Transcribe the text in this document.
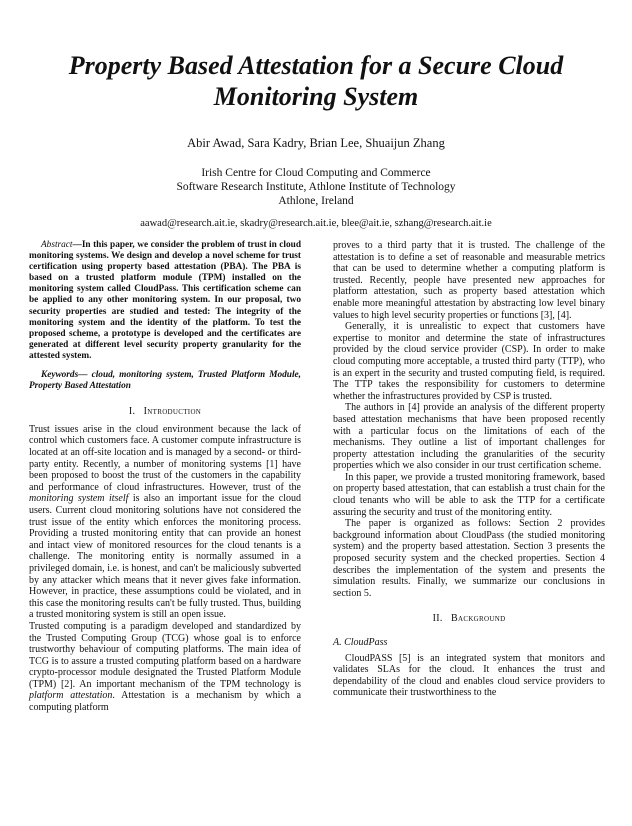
Property Based Attestation for a Secure Cloud
Monitoring System
Abir Awad, Sara Kadry, Brian Lee, Shuaijun Zhang
Irish Centre for Cloud Computing and Commerce
Software Research Institute, Athlone Institute of Technology
Athlone, Ireland
aawad@research.ait.ie, skadry@research.ait.ie, blee@ait.ie, szhang@research.ait.ie

Abstract—In this paper, we consider the problem of trust in cloud monitoring systems. We design and develop a novel scheme for trust certification using property based attestation (PBA). The PBA is based on a trusted platform module (TPM) installed on the monitoring system called CloudPass. This certification scheme can be applied to any other monitoring system. In our proposal, two security properties are studied and tested: The integrity of the monitoring system and the identity of the platform. To test the proposed scheme, a prototype is developed and the certificates are generated at different level security property granularity for the attested system.

Keywords— cloud, monitoring system, Trusted Platform Module, Property Based Attestation

I. Introduction

Trust issues arise in the cloud environment because the lack of control which customers face. A customer compute infrastructure is located at an off-site location and is managed by a second- or third-party entity. Recently, a number of monitoring systems [1] have been proposed to boost the trust of the customers in the capability and performance of cloud infrastructures. However, trust of the monitoring system itself is also an important issue for the cloud users. Current cloud monitoring solutions have not considered the trust issue of the entity which enforces the monitoring process. Providing a trusted monitoring entity that can provide an honest and intact view of monitored resources for the cloud tenants is a challenge. The monitoring entity is normally assumed in a privileged domain, i.e. is honest, and can't be maliciously subverted by any attacker which means that it never gives fake information. However, in practice, these assumptions could be violated, and in this case the monitoring results can't be fully trusted. Thus, building a trusted monitoring system is still an open issue.

Trusted computing is a paradigm developed and standardized by the Trusted Computing Group (TCG) whose goal is to enforce trustworthy behaviour of computing platforms. The main idea of TCG is to assure a trusted computing platform based on a hardware crypto-processor module designated the Trusted Platform Module (TPM) [2]. An important mechanism of the TPM technology is platform attestation. Attestation is a mechanism by which a computing platform

proves to a third party that it is trusted. The challenge of the attestation is to define a set of reasonable and measurable metrics that can be used to determine whether a computing platform is trusted. Recently, people have presented new approaches for platform attestation, such as property based attestation which enable more meaningful attestation by abstracting low level binary values to high level security properties or functions [3], [4].

Generally, it is unrealistic to expect that customers have expertise to monitor and determine the state of infrastructures provided by the cloud service provider (CSP). In order to make cloud computing more acceptable, a trusted third party (TTP), who is an expert in the security and trusted computing field, is required. The TTP takes the responsibility for customers to determine whether the infrastructures provided by CSP is trusted.

The authors in [4] provide an analysis of the different property based attestation mechanisms that have been proposed recently with a particular focus on the limitations of each of the mechanisms. They outline a list of important challenges for property attestation including the granularities of the security properties which we also consider in our trust certification scheme.

In this paper, we provide a trusted monitoring framework, based on property based attestation, that can establish a trust chain for the cloud tenants who will be able to ask the TTP for a certificate assuring the security and trust of the monitoring entity.

The paper is organized as follows: Section 2 provides background information about CloudPass (the studied monitoring system) and the property based attestation. Section 3 presents the proposed security system and the checked properties. Section 4 describes the implementation of the system and presents the simulation results. Finally, we summarize our conclusions in section 5.

II. Background
A. CloudPass

CloudPASS [5] is an integrated system that monitors and validates SLAs for the cloud. It enhances the trust and dependability of the cloud and enables cloud service providers to communicate their trustworthiness to the
